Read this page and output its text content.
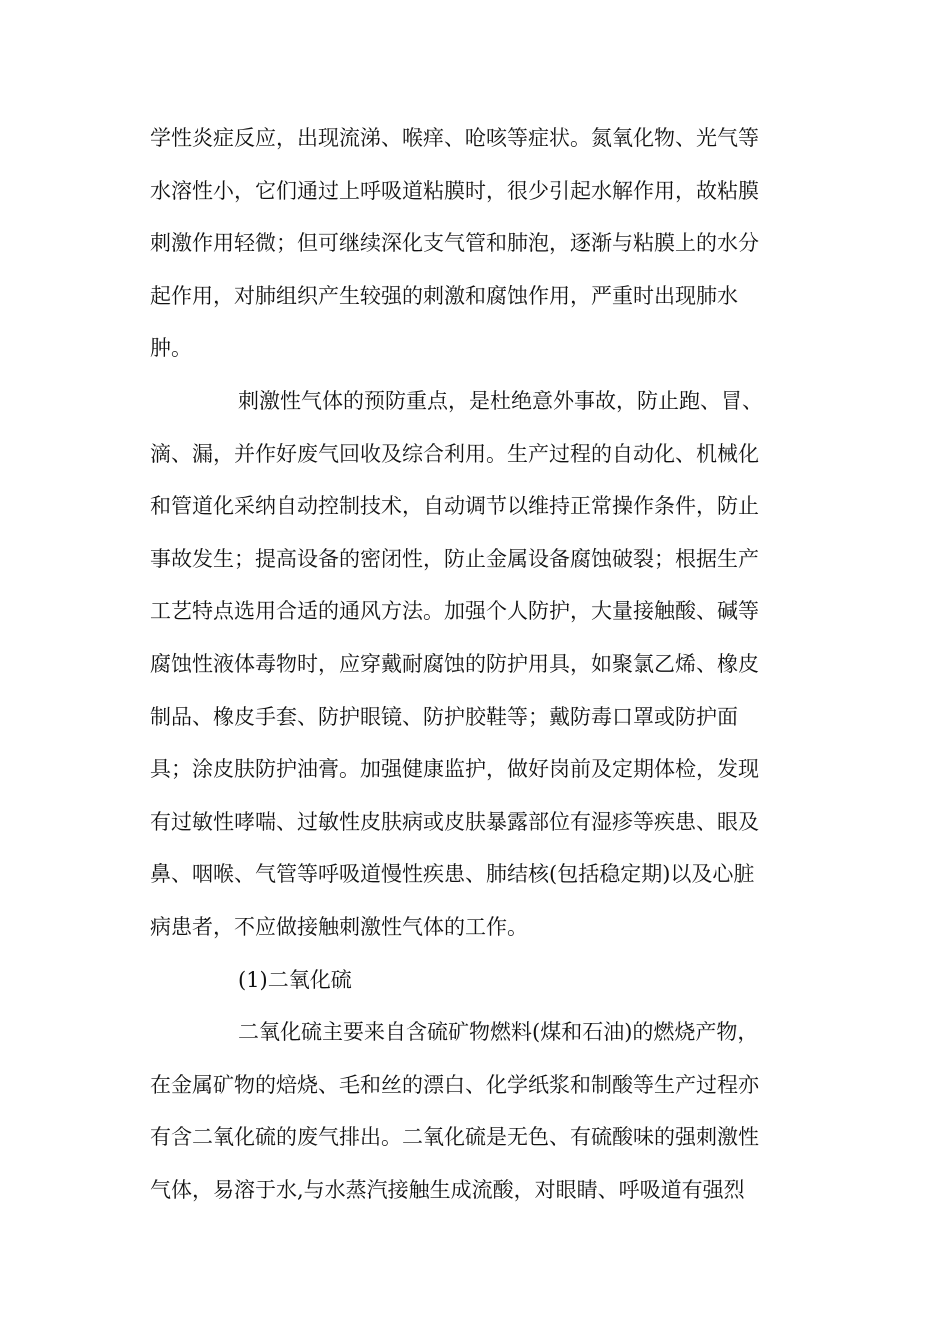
学性炎症反应，出现流涕、喉痒、呛咳等症状。氮氧化物、光气等
水溶性小，它们通过上呼吸道粘膜时，很少引起水解作用，故粘膜
刺激作用轻微；但可继续深化支气管和肺泡，逐渐与粘膜上的水分
起作用，对肺组织产生较强的刺激和腐蚀作用，严重时出现肺水
肿。
刺激性气体的预防重点，是杜绝意外事故，防止跑、冒、
滴、漏，并作好废气回收及综合利用。生产过程的自动化、机械化
和管道化采纳自动控制技术，自动调节以维持正常操作条件，防止
事故发生；提高设备的密闭性，防止金属设备腐蚀破裂；根据生产
工艺特点选用合适的通风方法。加强个人防护，大量接触酸、碱等
腐蚀性液体毒物时，应穿戴耐腐蚀的防护用具，如聚氯乙烯、橡皮
制品、橡皮手套、防护眼镜、防护胶鞋等；戴防毒口罩或防护面
具；涂皮肤防护油膏。加强健康监护，做好岗前及定期体检，发现
有过敏性哮喘、过敏性皮肤病或皮肤暴露部位有湿疹等疾患、眼及
鼻、咽喉、气管等呼吸道慢性疾患、肺结核(包括稳定期)以及心脏
病患者，不应做接触刺激性气体的工作。
(1)二氧化硫
二氧化硫主要来自含硫矿物燃料(煤和石油)的燃烧产物，
在金属矿物的焙烧、毛和丝的漂白、化学纸浆和制酸等生产过程亦
有含二氧化硫的废气排出。二氧化硫是无色、有硫酸味的强刺激性
气体，易溶于水,与水蒸汽接触生成流酸，对眼睛、呼吸道有强烈
